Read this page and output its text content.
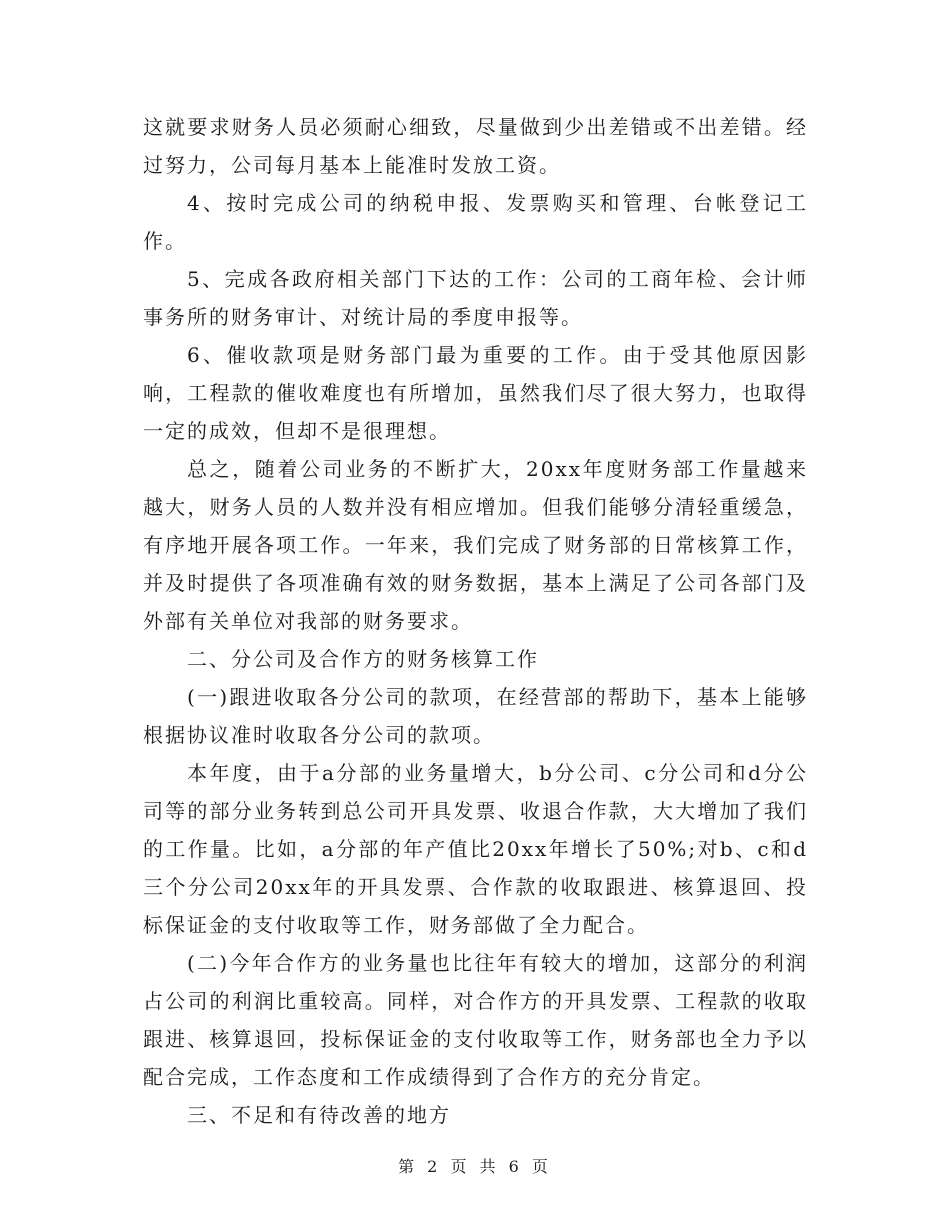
这就要求财务人员必须耐心细致，尽量做到少出差错或不出差错。经过努力，公司每月基本上能准时发放工资。

4、按时完成公司的纳税申报、发票购买和管理、台帐登记工作。

5、完成各政府相关部门下达的工作：公司的工商年检、会计师事务所的财务审计、对统计局的季度申报等。

6、催收款项是财务部门最为重要的工作。由于受其他原因影响，工程款的催收难度也有所增加，虽然我们尽了很大努力，也取得一定的成效，但却不是很理想。

总之，随着公司业务的不断扩大，20xx年度财务部工作量越来越大，财务人员的人数并没有相应增加。但我们能够分清轻重缓急，有序地开展各项工作。一年来，我们完成了财务部的日常核算工作，并及时提供了各项准确有效的财务数据，基本上满足了公司各部门及外部有关单位对我部的财务要求。

二、分公司及合作方的财务核算工作

(一)跟进收取各分公司的款项，在经营部的帮助下，基本上能够根据协议准时收取各分公司的款项。

本年度，由于a分部的业务量增大，b分公司、c分公司和d分公司等的部分业务转到总公司开具发票、收退合作款，大大增加了我们的工作量。比如，a分部的年产值比20xx年增长了50%;对b、c和d三个分公司20xx年的开具发票、合作款的收取跟进、核算退回、投标保证金的支付收取等工作，财务部做了全力配合。

(二)今年合作方的业务量也比往年有较大的增加，这部分的利润占公司的利润比重较高。同样，对合作方的开具发票、工程款的收取跟进、核算退回，投标保证金的支付收取等工作，财务部也全力予以配合完成，工作态度和工作成绩得到了合作方的充分肯定。

三、不足和有待改善的地方

第 2 页 共 6 页
